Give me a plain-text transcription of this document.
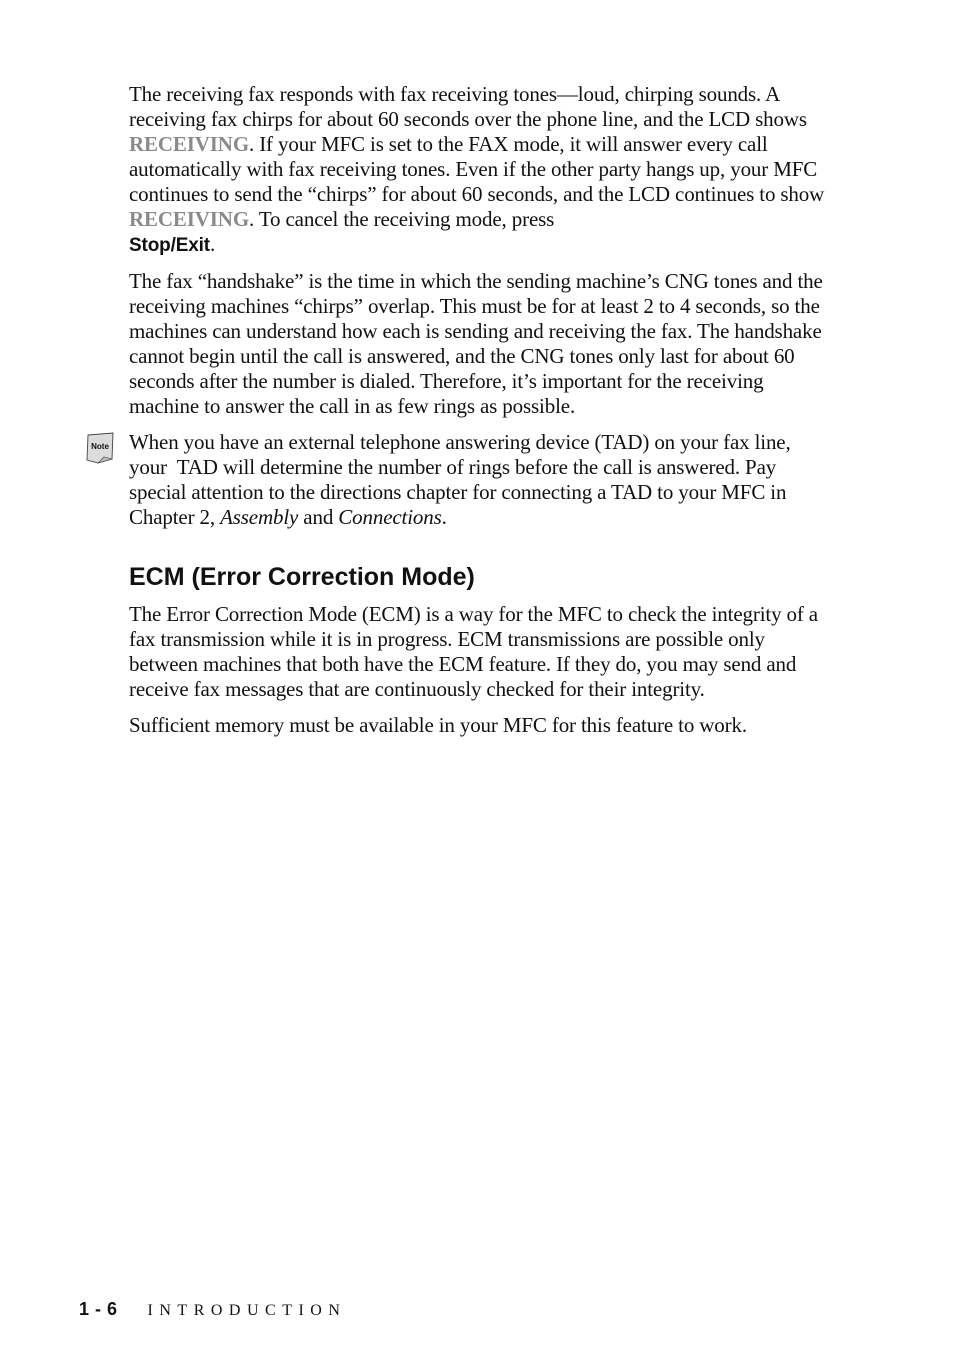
The receiving fax responds with fax receiving tones—loud, chirping sounds. A receiving fax chirps for about 60 seconds over the phone line, and the LCD shows RECEIVING. If your MFC is set to the FAX mode, it will answer every call automatically with fax receiving tones. Even if the other party hangs up, your MFC continues to send the “chirps” for about 60 seconds, and the LCD continues to show RECEIVING. To cancel the receiving mode, press
Stop/Exit.

The fax “handshake” is the time in which the sending machine’s CNG tones and the receiving machines “chirps” overlap. This must be for at least 2 to 4 seconds, so the machines can understand how each is sending and receiving the fax. The handshake cannot begin until the call is answered, and the CNG tones only last for about 60 seconds after the number is dialed. Therefore, it’s important for the receiving machine to answer the call in as few rings as possible.

Note When you have an external telephone answering device (TAD) on your fax line, your  TAD will determine the number of rings before the call is answered. Pay special attention to the directions chapter for connecting a TAD to your MFC in Chapter 2, Assembly and Connections.

ECM (Error Correction Mode)

The Error Correction Mode (ECM) is a way for the MFC to check the integrity of a fax transmission while it is in progress. ECM transmissions are possible only between machines that both have the ECM feature. If they do, you may send and receive fax messages that are continuously checked for their integrity.

Sufficient memory must be available in your MFC for this feature to work.

1 - 6 INTRODUCTION
